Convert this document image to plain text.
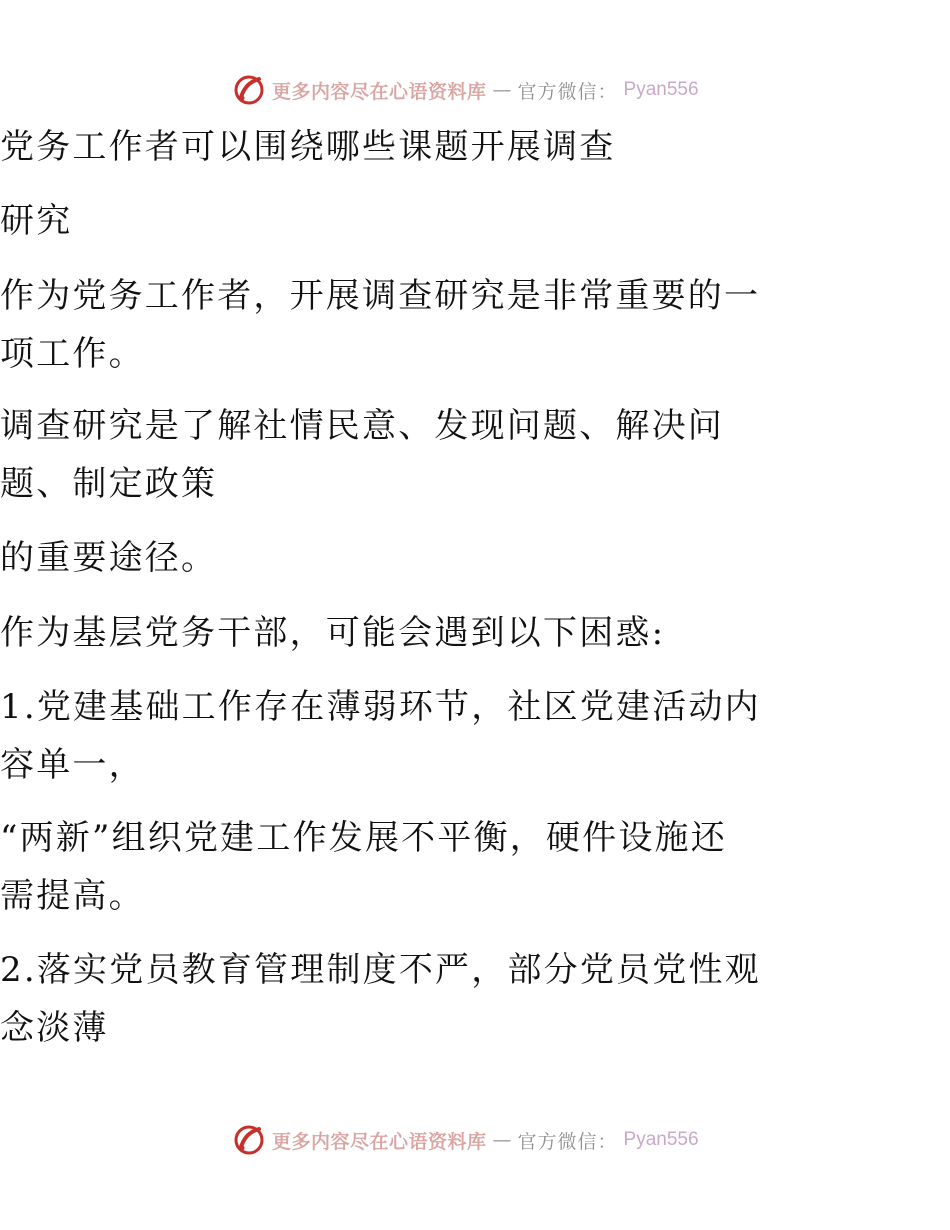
更多内容尽在心语资料库 — 官方微信： Pyan556
党务工作者可以围绕哪些课题开展调查
研究
作为党务工作者，开展调查研究是非常重要的一
项工作。
调查研究是了解社情民意、发现问题、解决问
题、制定政策
的重要途径。
作为基层党务干部，可能会遇到以下困惑:
1.党建基础工作存在薄弱环节，社区党建活动内
容单一，
“两新”组织党建工作发展不平衡，硬件设施还
需提高。
2.落实党员教育管理制度不严，部分党员党性观
念淡薄
更多内容尽在心语资料库 — 官方微信： Pyan556
